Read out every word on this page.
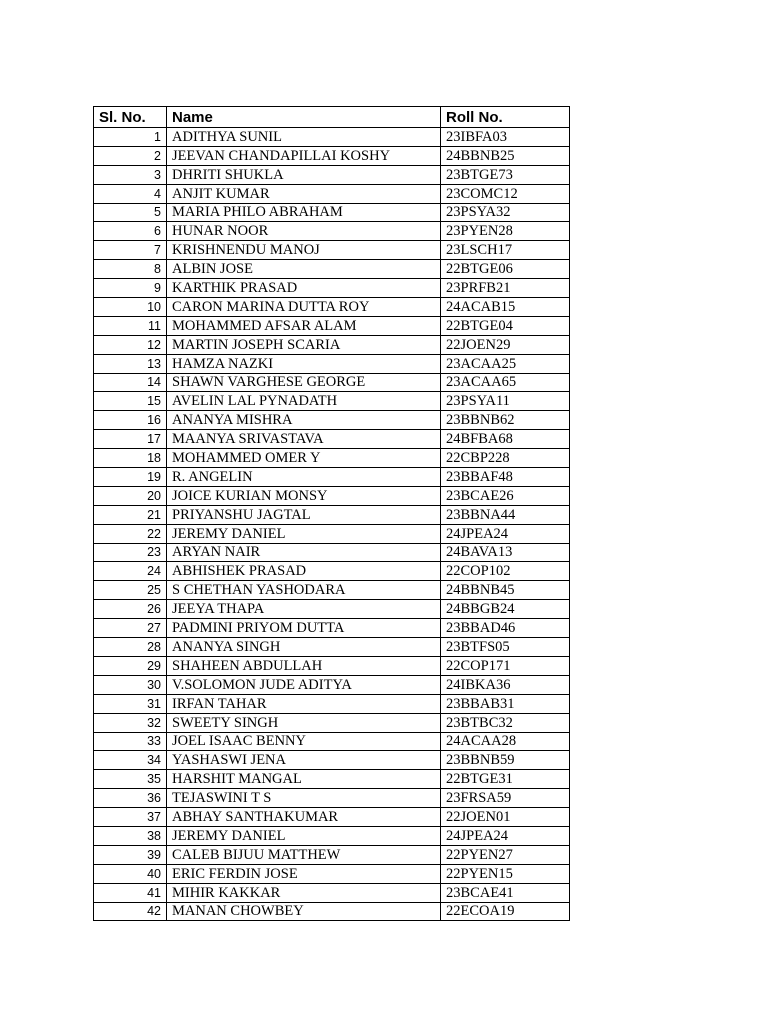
Sl. No.	Name	Roll No.
1	ADITHYA SUNIL	23IBFA03
2	JEEVAN CHANDAPILLAI KOSHY	24BBNB25
3	DHRITI SHUKLA	23BTGE73
4	ANJIT KUMAR	23COMC12
5	MARIA PHILO ABRAHAM	23PSYA32
6	HUNAR NOOR	23PYEN28
7	KRISHNENDU MANOJ	23LSCH17
8	ALBIN JOSE	22BTGE06
9	KARTHIK PRASAD	23PRFB21
10	CARON MARINA DUTTA ROY	24ACAB15
11	MOHAMMED AFSAR ALAM	22BTGE04
12	MARTIN JOSEPH SCARIA	22JOEN29
13	HAMZA NAZKI	23ACAA25
14	SHAWN VARGHESE GEORGE	23ACAA65
15	AVELIN LAL PYNADATH	23PSYA11
16	ANANYA MISHRA	23BBNB62
17	MAANYA SRIVASTAVA	24BFBA68
18	MOHAMMED OMER Y	22CBP228
19	R. ANGELIN	23BBAF48
20	JOICE KURIAN MONSY	23BCAE26
21	PRIYANSHU JAGTAL	23BBNA44
22	JEREMY DANIEL	24JPEA24
23	ARYAN NAIR	24BAVA13
24	ABHISHEK PRASAD	22COP102
25	S CHETHAN YASHODARA	24BBNB45
26	JEEYA THAPA	24BBGB24
27	PADMINI PRIYOM DUTTA	23BBAD46
28	ANANYA SINGH	23BTFS05
29	SHAHEEN ABDULLAH	22COP171
30	V.SOLOMON JUDE ADITYA	24IBKA36
31	IRFAN TAHAR	23BBAB31
32	SWEETY SINGH	23BTBC32
33	JOEL ISAAC BENNY	24ACAA28
34	YASHASWI JENA	23BBNB59
35	HARSHIT MANGAL	22BTGE31
36	TEJASWINI T S	23FRSA59
37	ABHAY SANTHAKUMAR	22JOEN01
38	JEREMY DANIEL	24JPEA24
39	CALEB BIJUU MATTHEW	22PYEN27
40	ERIC FERDIN JOSE	22PYEN15
41	MIHIR KAKKAR	23BCAE41
42	MANAN CHOWBEY	22ECOA19
